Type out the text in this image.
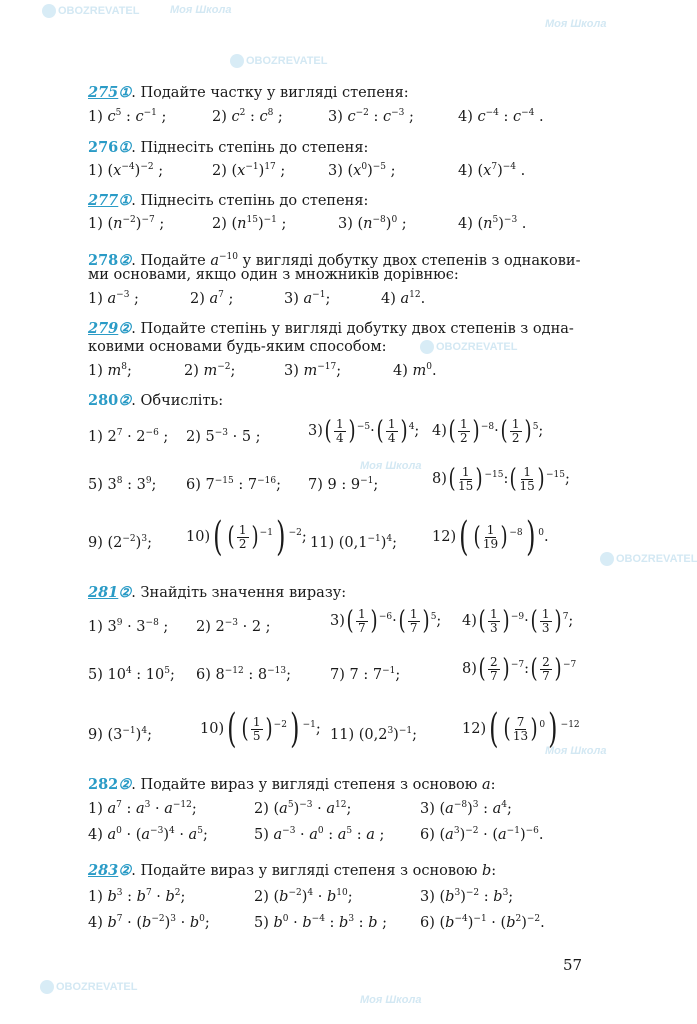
OBOZREVATEL	Моя Школа
OBOZREVATEL
Моя Школа
OBOZREVATEL
Моя Школа
OBOZREVATEL
Моя Школа
OBOZREVATEL
Моя Школа
275①. Подайте частку у вигляді степеня:
1) $c^5$ : $c^{-1}$ ;	2) $c^2$ : $c^8$ ;	3) $c^{-2}$ : $c^{-3}$ ;	4) $c^{-4}$ : $c^{-4}$ .
276①. Піднесіть степінь до степеня:
1) $(x^{-4})^{-2}$ ;	2) $(x^{-1})^{17}$ ;	3) $(x^0)^{-5}$ ;	4) $(x^7)^{-4}$ .
277①. Піднесіть степінь до степеня:
1) $(n^{-2})^{-7}$ ;	2) $(n^{15})^{-1}$ ;	3) $(n^{-8})^0$ ;	4) $(n^5)^{-3}$ .
278②. Подайте $a^{-10}$ у вигляді добутку двох степенів з однакови-
ми основами, якщо один з множників дорівнює:
1) $a^{-3}$ ;	2) $a^7$ ;	3) $a^{-1}$;	4) $a^{12}$.
279②. Подайте степінь у вигляді добутку двох степенів з одна-
ковими основами будь-яким способом:
1) $m^8$;	2) $m^{-2}$;	3) $m^{-17}$;	4) $m^0$.
280②. Обчисліть:
1) $2^7 \cdot 2^{-6}$ ; 2) $5^{-3} \cdot 5$ ;	$3)( \frac{1}{4}$ ) $^{-5}\cdot( \frac{1}{4}$ ) $^4$; $4)( \frac{1}{2}$ ) $^{-8}\cdot( \frac{1}{2}$ ) $^5$;
5) $3^8$ : $3^9$; 6) $7^{-15}$ : $7^{-16}$; 7) 9 : $9^{-1}$;	$8)( \frac{1}{15}$ ) $^{-15}$:( $\frac{1}{15}$ ) $^{-15}$;
9) $(2^{-2})^3$; 10)( ( $\frac{1}{2}$ ) $^{-1}$) $^{-2}$; 11) $(0,1^{-1})^4$; 12)( ( $\frac{1}{19}$ ) $^{-8}$) $^0$.
281②. Знайдіть значення виразу:
1) $3^9 \cdot 3^{-8}$ ; 2) $2^{-3} \cdot 2$ ;	$3)( \frac{1}{7}$ ) $^{-6}\cdot( \frac{1}{7}$ ) $^5$; $4)( \frac{1}{3}$ ) $^{-9}\cdot( \frac{1}{3}$ ) $^7$;
5) $10^4$ : $10^5$; 6) $8^{-12}$ : $8^{-13}$;	7) 7 : $7^{-1}$;	$8)( \frac{2}{7}$ ) $^{-7}$:( $\frac{2}{7}$ ) $^{-7}$
9) $(3^{-1})^4$;	10)( ( $\frac{1}{5}$ ) $^{-2}$) $^{-1}$; 11) $(0,2^3)^{-1}$;	12)( ( $\frac{7}{13}$ ) $^0$) $^{-12}$
282②. Подайте вираз у вигляді степеня з основою a:
1) $a^7$ : $a^3 \cdot a^{-12}$;	2) $(a^5)^{-3} \cdot a^{12}$;	3) $(a^{-8})^3$ : $a^4$;
4) $a^0 \cdot (a^{-3})^4 \cdot a^5$;	5) $a^{-3} \cdot a^0$ : $a^5$ : a ; 6) $(a^3)^{-2} \cdot (a^{-1})^{-6}$.
283②. Подайте вираз у вигляді степеня з основою b:
1) $b^3$ : $b^7 \cdot b^2$;	2) $(b^{-2})^4 \cdot b^{10}$;	3) $(b^3)^{-2}$ : $b^3$;
4) $b^7 \cdot (b^{-2})^3 \cdot b^0$;	5) $b^0 \cdot b^{-4}$ : $b^3$ : b ; 6) $(b^{-4})^{-1} \cdot (b^2)^{-2}$.
57
